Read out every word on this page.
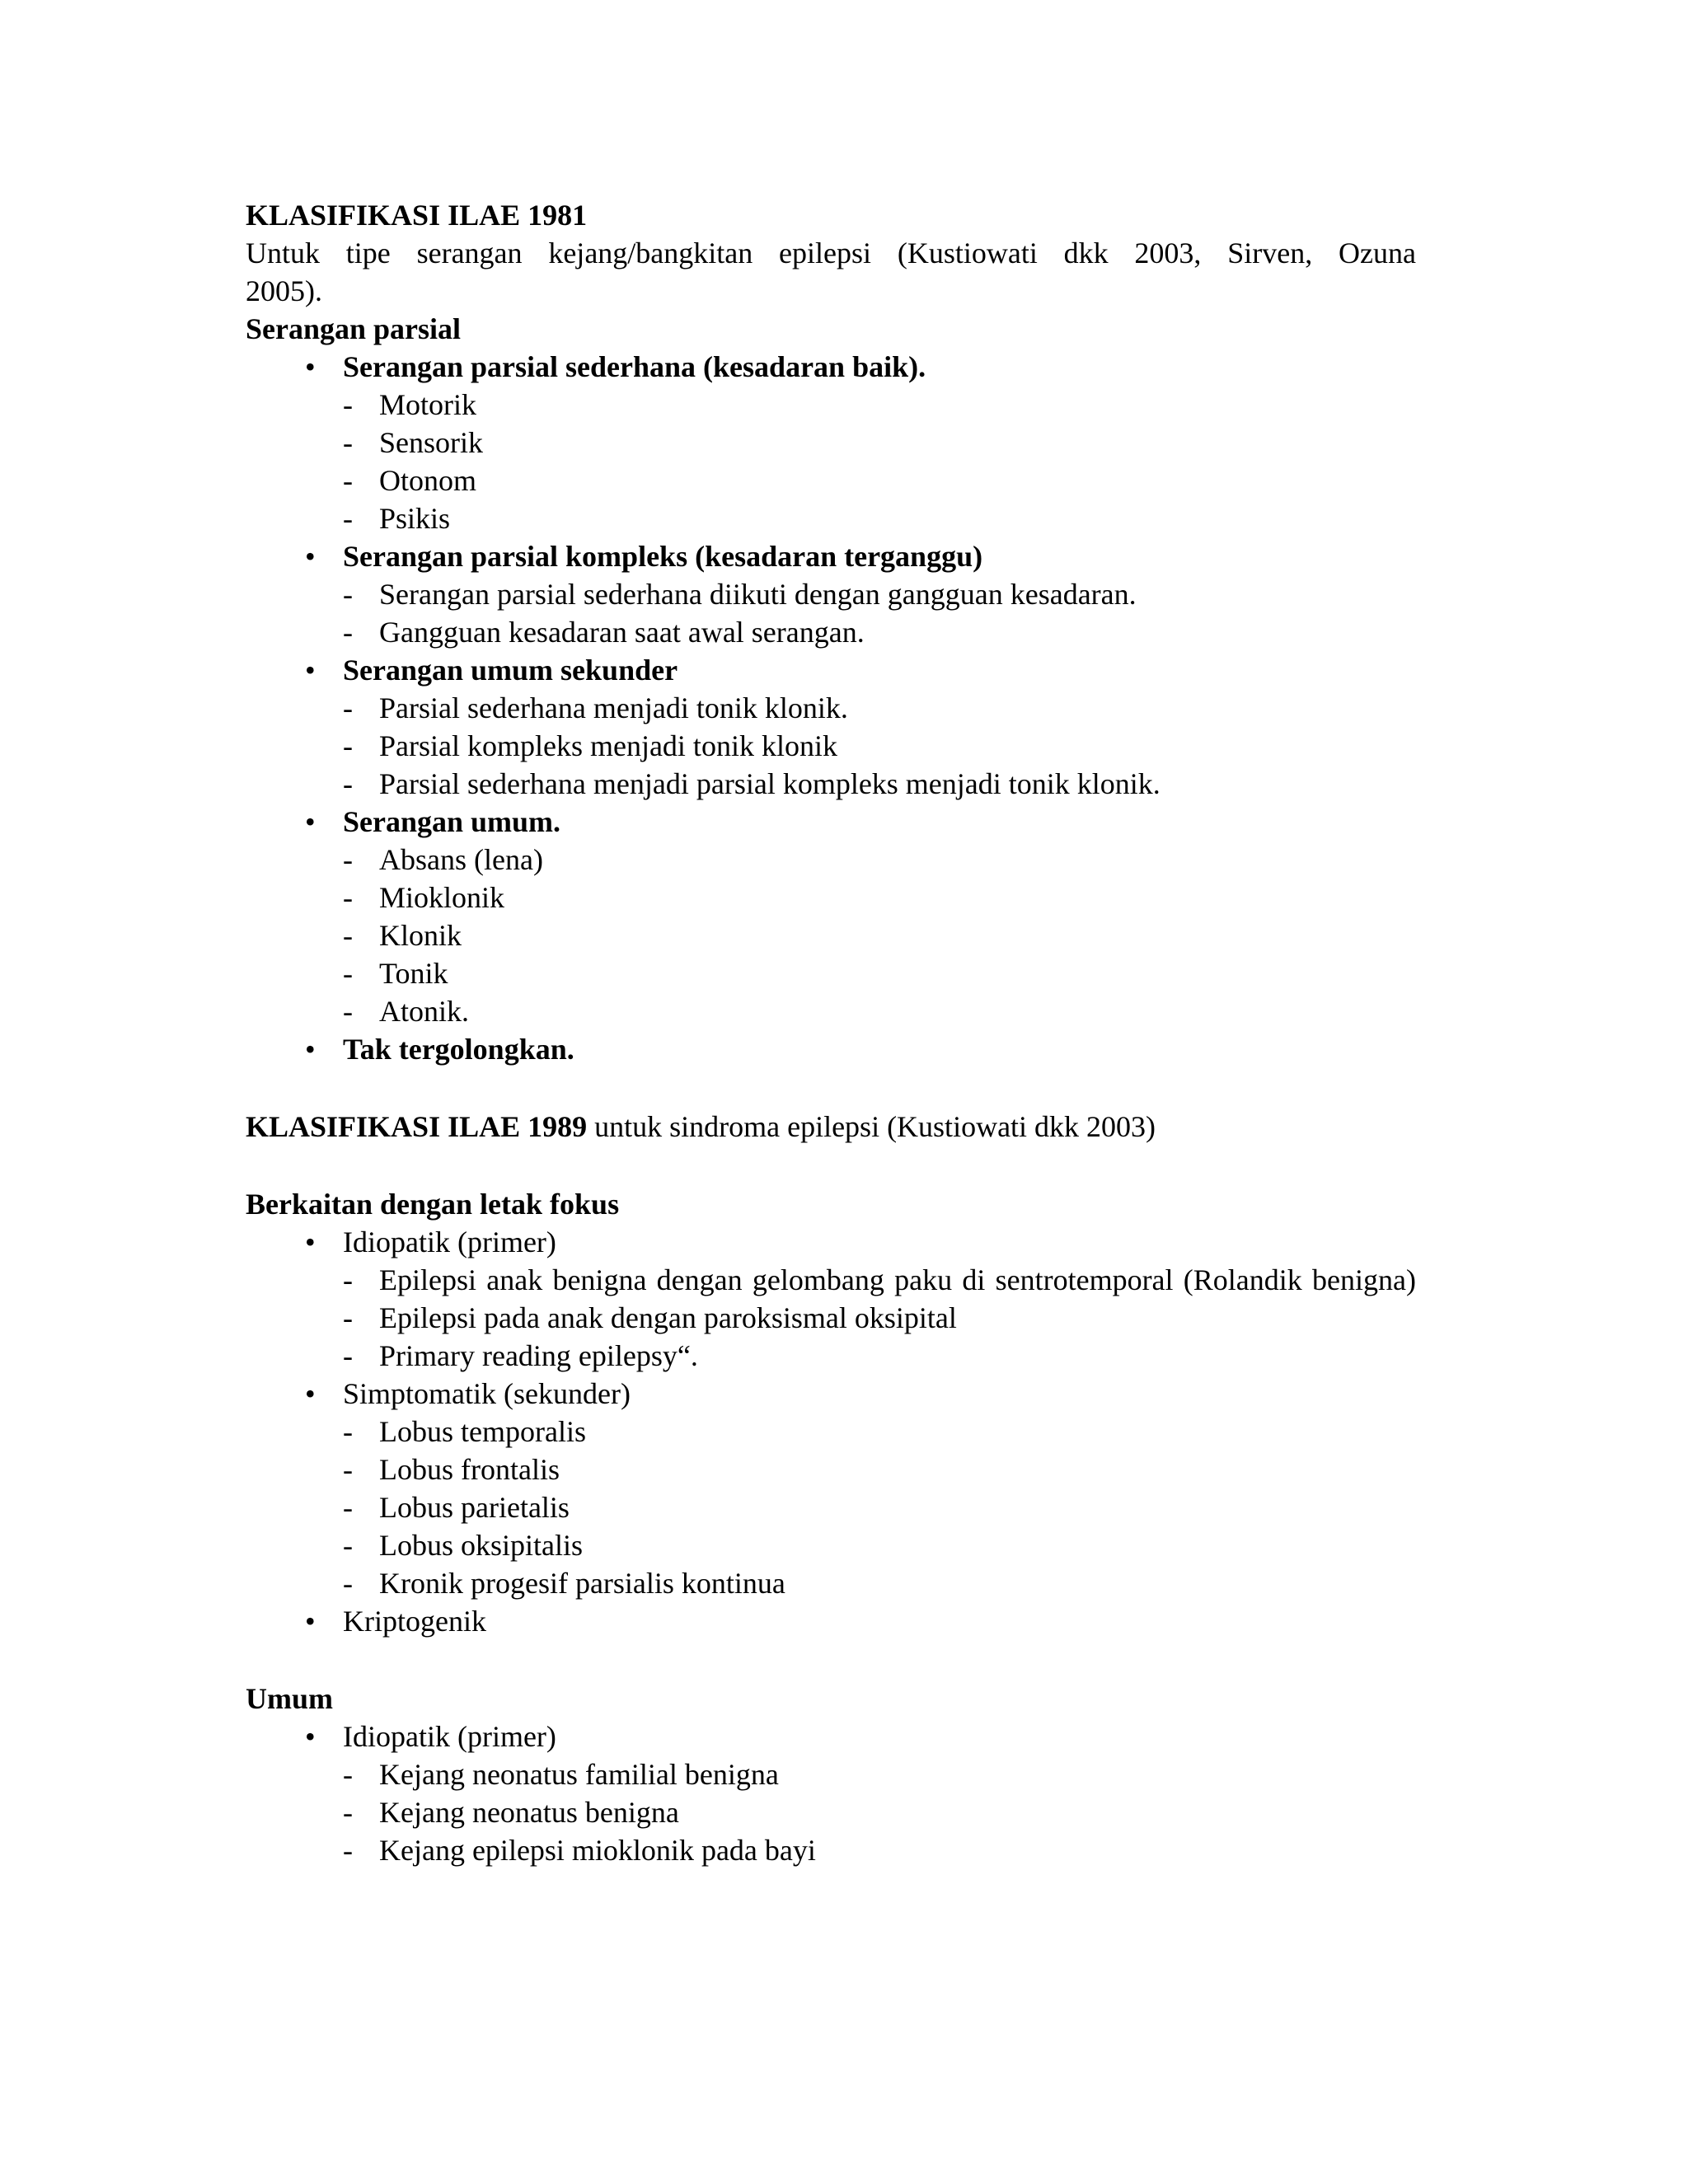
KLASIFIKASI ILAE 1981
Untuk tipe serangan kejang/bangkitan epilepsi (Kustiowati dkk 2003, Sirven, Ozuna
2005).
Serangan parsial
• Serangan parsial sederhana (kesadaran baik).
- Motorik
- Sensorik
- Otonom
- Psikis
• Serangan parsial kompleks (kesadaran terganggu)
- Serangan parsial sederhana diikuti dengan gangguan kesadaran.
- Gangguan kesadaran saat awal serangan.
• Serangan umum sekunder
- Parsial sederhana menjadi tonik klonik.
- Parsial kompleks menjadi tonik klonik
- Parsial sederhana menjadi parsial kompleks menjadi tonik klonik.
• Serangan umum.
- Absans (lena)
- Mioklonik
- Klonik
- Tonik
- Atonik.
• Tak tergolongkan.
KLASIFIKASI ILAE 1989 untuk sindroma epilepsi (Kustiowati dkk 2003)
Berkaitan dengan letak fokus
• Idiopatik (primer)
- Epilepsi anak benigna dengan gelombang paku di sentrotemporal (Rolandik benigna)
- Epilepsi pada anak dengan paroksismal oksipital
- Primary reading epilepsy“.
• Simptomatik (sekunder)
- Lobus temporalis
- Lobus frontalis
- Lobus parietalis
- Lobus oksipitalis
- Kronik progesif parsialis kontinua
• Kriptogenik
Umum
• Idiopatik (primer)
- Kejang neonatus familial benigna
- Kejang neonatus benigna
- Kejang epilepsi mioklonik pada bayi
